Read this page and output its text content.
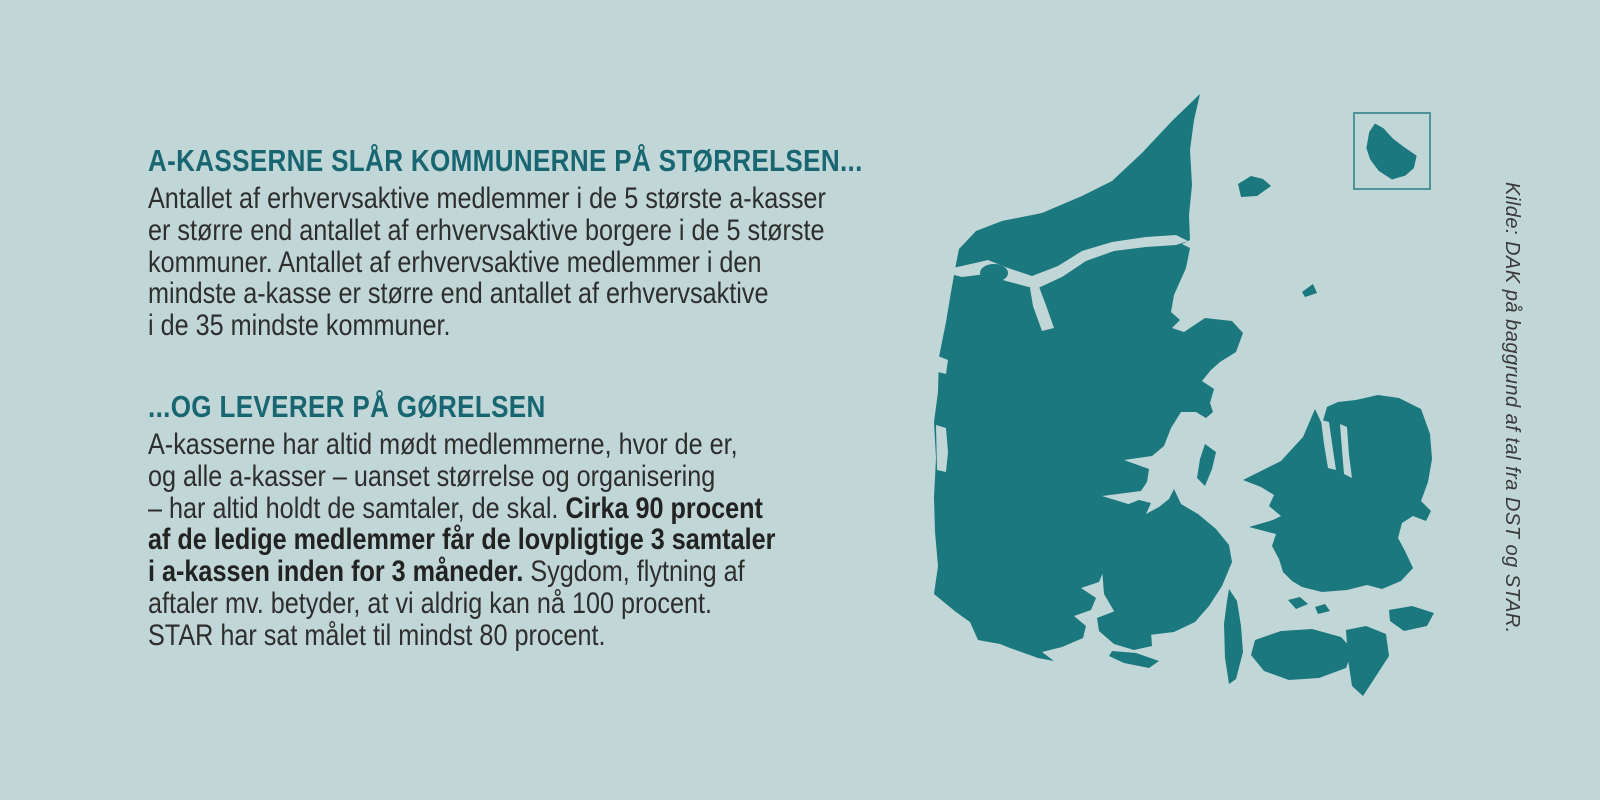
A-KASSERNE SLÅR KOMMUNERNE PÅ STØRRELSEN...
Antallet af erhvervsaktive medlemmer i de 5 største a-kasser
er større end antallet af erhvervsaktive borgere i de 5 største
kommuner. Antallet af erhvervsaktive medlemmer i den
mindste a-kasse er større end antallet af erhvervsaktive
i de 35 mindste kommuner.
...OG LEVERER PÅ GØRELSEN
A-kasserne har altid mødt medlemmerne, hvor de er,
og alle a-kasser – uanset størrelse og organisering
– har altid holdt de samtaler, de skal. Cirka 90 procent
af de ledige medlemmer får de lovpligtige 3 samtaler
i a-kassen inden for 3 måneder. Sygdom, flytning af
aftaler mv. betyder, at vi aldrig kan nå 100 procent.
STAR har sat målet til mindst 80 procent.
Kilde: DAK på baggrund af tal fra DST og STAR.
